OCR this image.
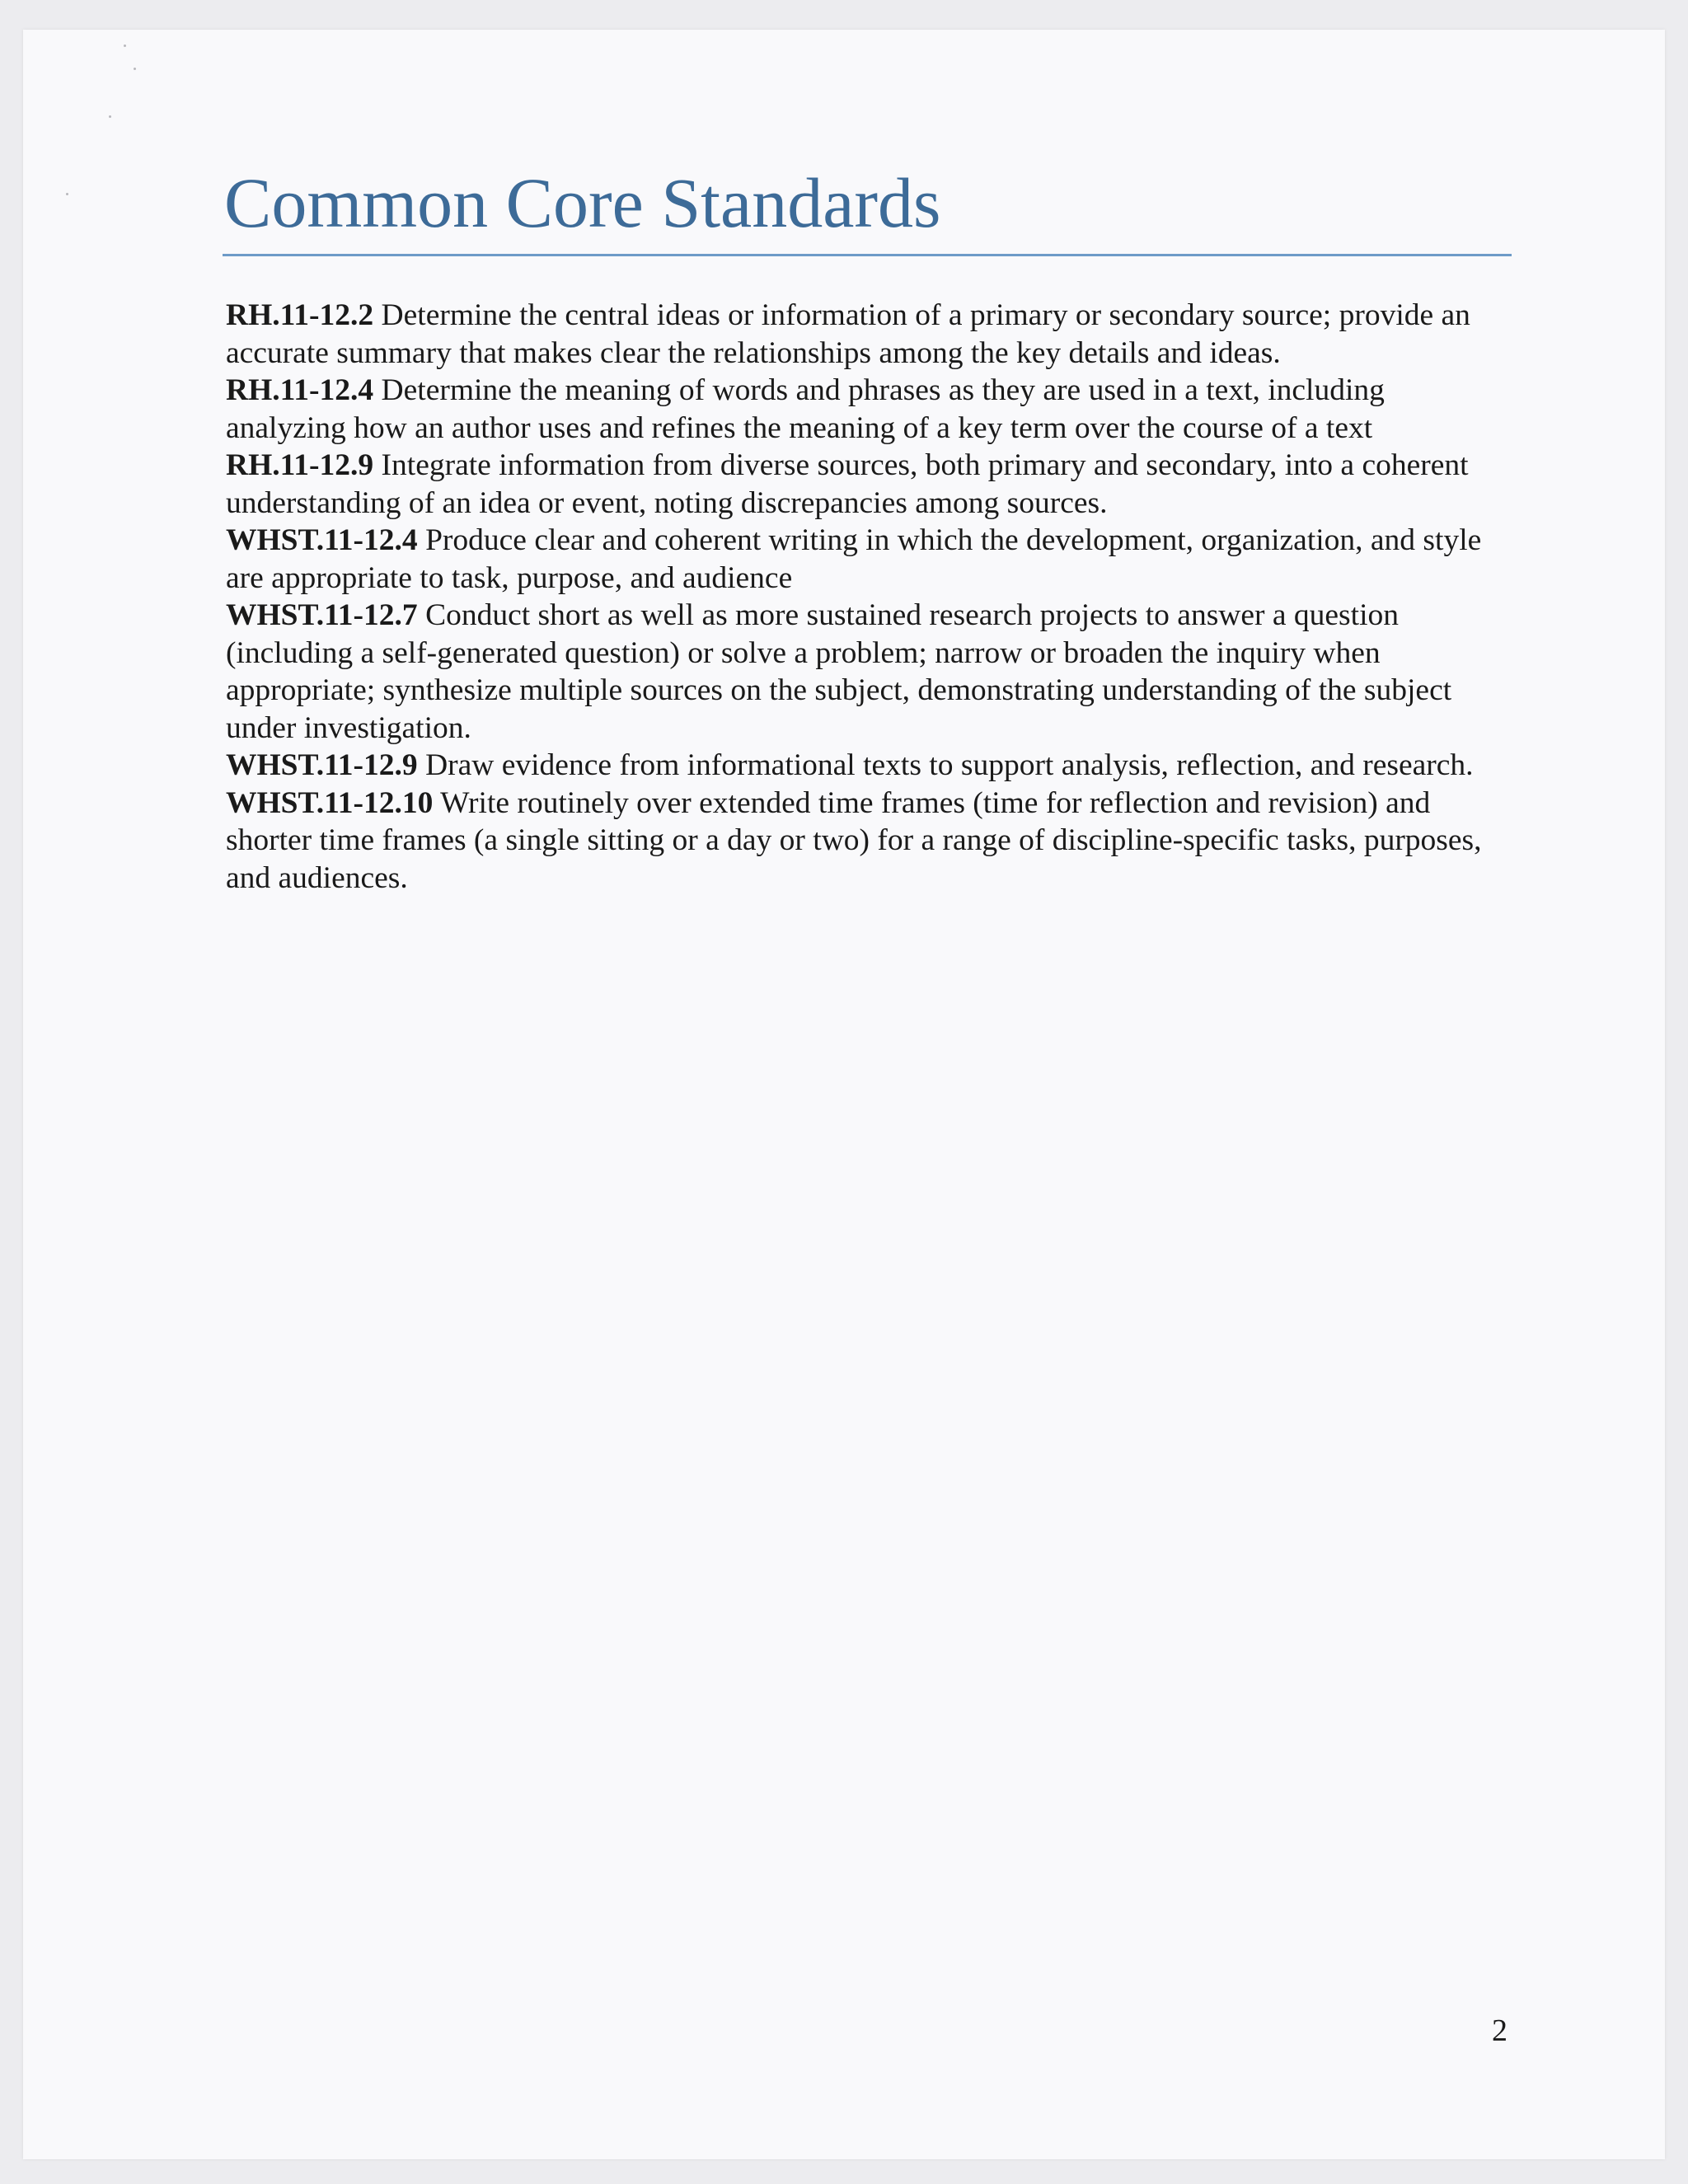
Common Core Standards
RH.11-12.2 Determine the central ideas or information of a primary or secondary source; provide an accurate summary that makes clear the relationships among the key details and ideas.
RH.11-12.4 Determine the meaning of words and phrases as they are used in a text, including analyzing how an author uses and refines the meaning of a key term over the course of a text
RH.11-12.9 Integrate information from diverse sources, both primary and secondary, into a coherent understanding of an idea or event, noting discrepancies among sources.
WHST.11-12.4 Produce clear and coherent writing in which the development, organization, and style are appropriate to task, purpose, and audience
WHST.11-12.7 Conduct short as well as more sustained research projects to answer a question (including a self-generated question) or solve a problem; narrow or broaden the inquiry when appropriate; synthesize multiple sources on the subject, demonstrating understanding of the subject under investigation.
WHST.11-12.9 Draw evidence from informational texts to support analysis, reflection, and research.
WHST.11-12.10 Write routinely over extended time frames (time for reflection and revision) and shorter time frames (a single sitting or a day or two) for a range of discipline-specific tasks, purposes, and audiences.
2
